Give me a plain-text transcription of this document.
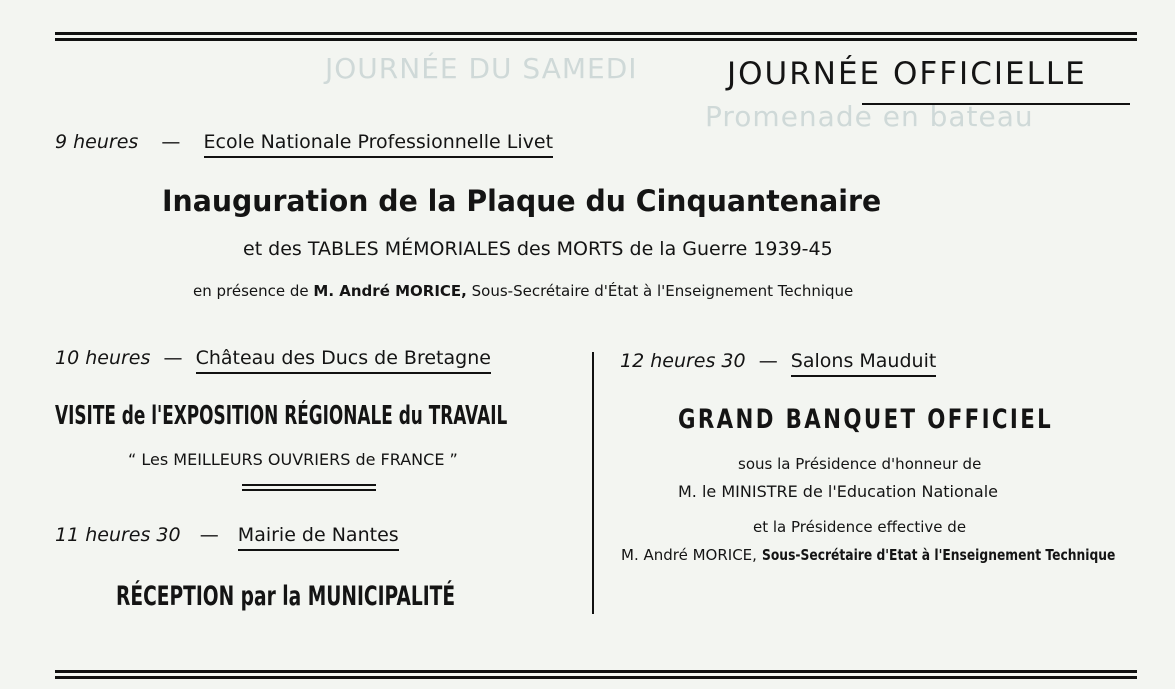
JOURNÉE DU SAMEDI
Promenade en bateau
JOURNÉE OFFICIELLE
9 heures — Ecole Nationale Professionnelle Livet
Inauguration de la Plaque du Cinquantenaire
et des TABLES MÉMORIALES des MORTS de la Guerre 1939-45
en présence de M. André MORICE, Sous-Secrétaire d'État à l'Enseignement Technique
10 heures — Château des Ducs de Bretagne
VISITE de l'EXPOSITION RÉGIONALE du TRAVAIL
“ Les MEILLEURS OUVRIERS de FRANCE ”
11 heures 30 — Mairie de Nantes
RÉCEPTION par la MUNICIPALITÉ
12 heures 30 — Salons Mauduit
GRAND BANQUET OFFICIEL
sous la Présidence d'honneur de
M. le MINISTRE de l'Education Nationale
et la Présidence effective de
M. André MORICE, Sous-Secrétaire d'Etat à l'Enseignement Technique
